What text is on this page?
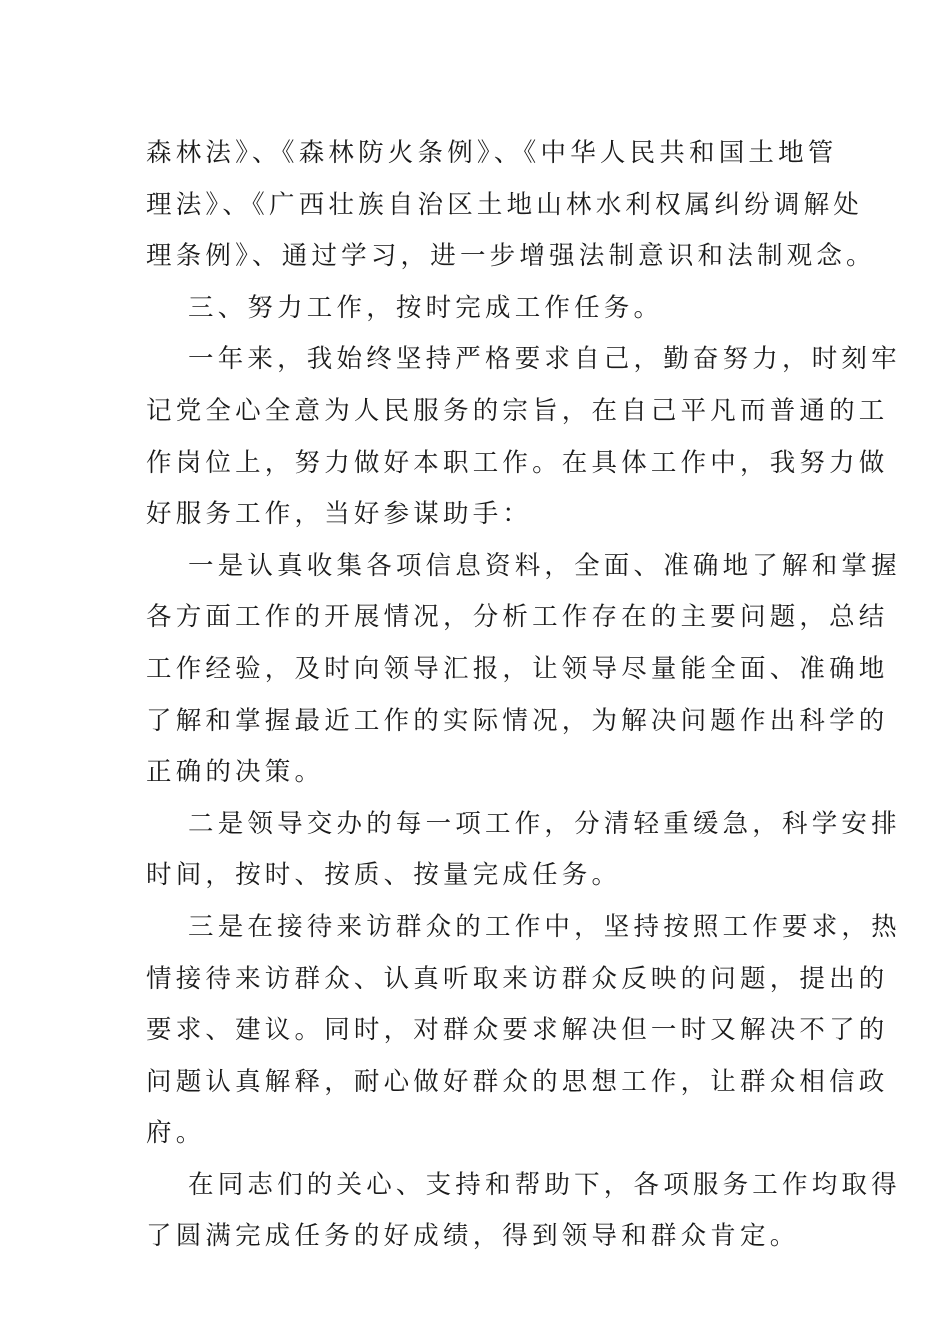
森林法》、《森林防火条例》、《中华人民共和国土地管
理法》、《广西壮族自治区土地山林水利权属纠纷调解处
理条例》、通过学习，进一步增强法制意识和法制观念。
三、努力工作，按时完成工作任务。
一年来，我始终坚持严格要求自己，勤奋努力，时刻牢
记党全心全意为人民服务的宗旨，在自己平凡而普通的工
作岗位上，努力做好本职工作。在具体工作中，我努力做
好服务工作，当好参谋助手：
一是认真收集各项信息资料，全面、准确地了解和掌握
各方面工作的开展情况，分析工作存在的主要问题，总结
工作经验，及时向领导汇报，让领导尽量能全面、准确地
了解和掌握最近工作的实际情况，为解决问题作出科学的
正确的决策。
二是领导交办的每一项工作，分清轻重缓急，科学安排
时间，按时、按质、按量完成任务。
三是在接待来访群众的工作中，坚持按照工作要求，热
情接待来访群众、认真听取来访群众反映的问题，提出的
要求、建议。同时，对群众要求解决但一时又解决不了的
问题认真解释，耐心做好群众的思想工作，让群众相信政
府。
在同志们的关心、支持和帮助下，各项服务工作均取得
了圆满完成任务的好成绩，得到领导和群众肯定。
